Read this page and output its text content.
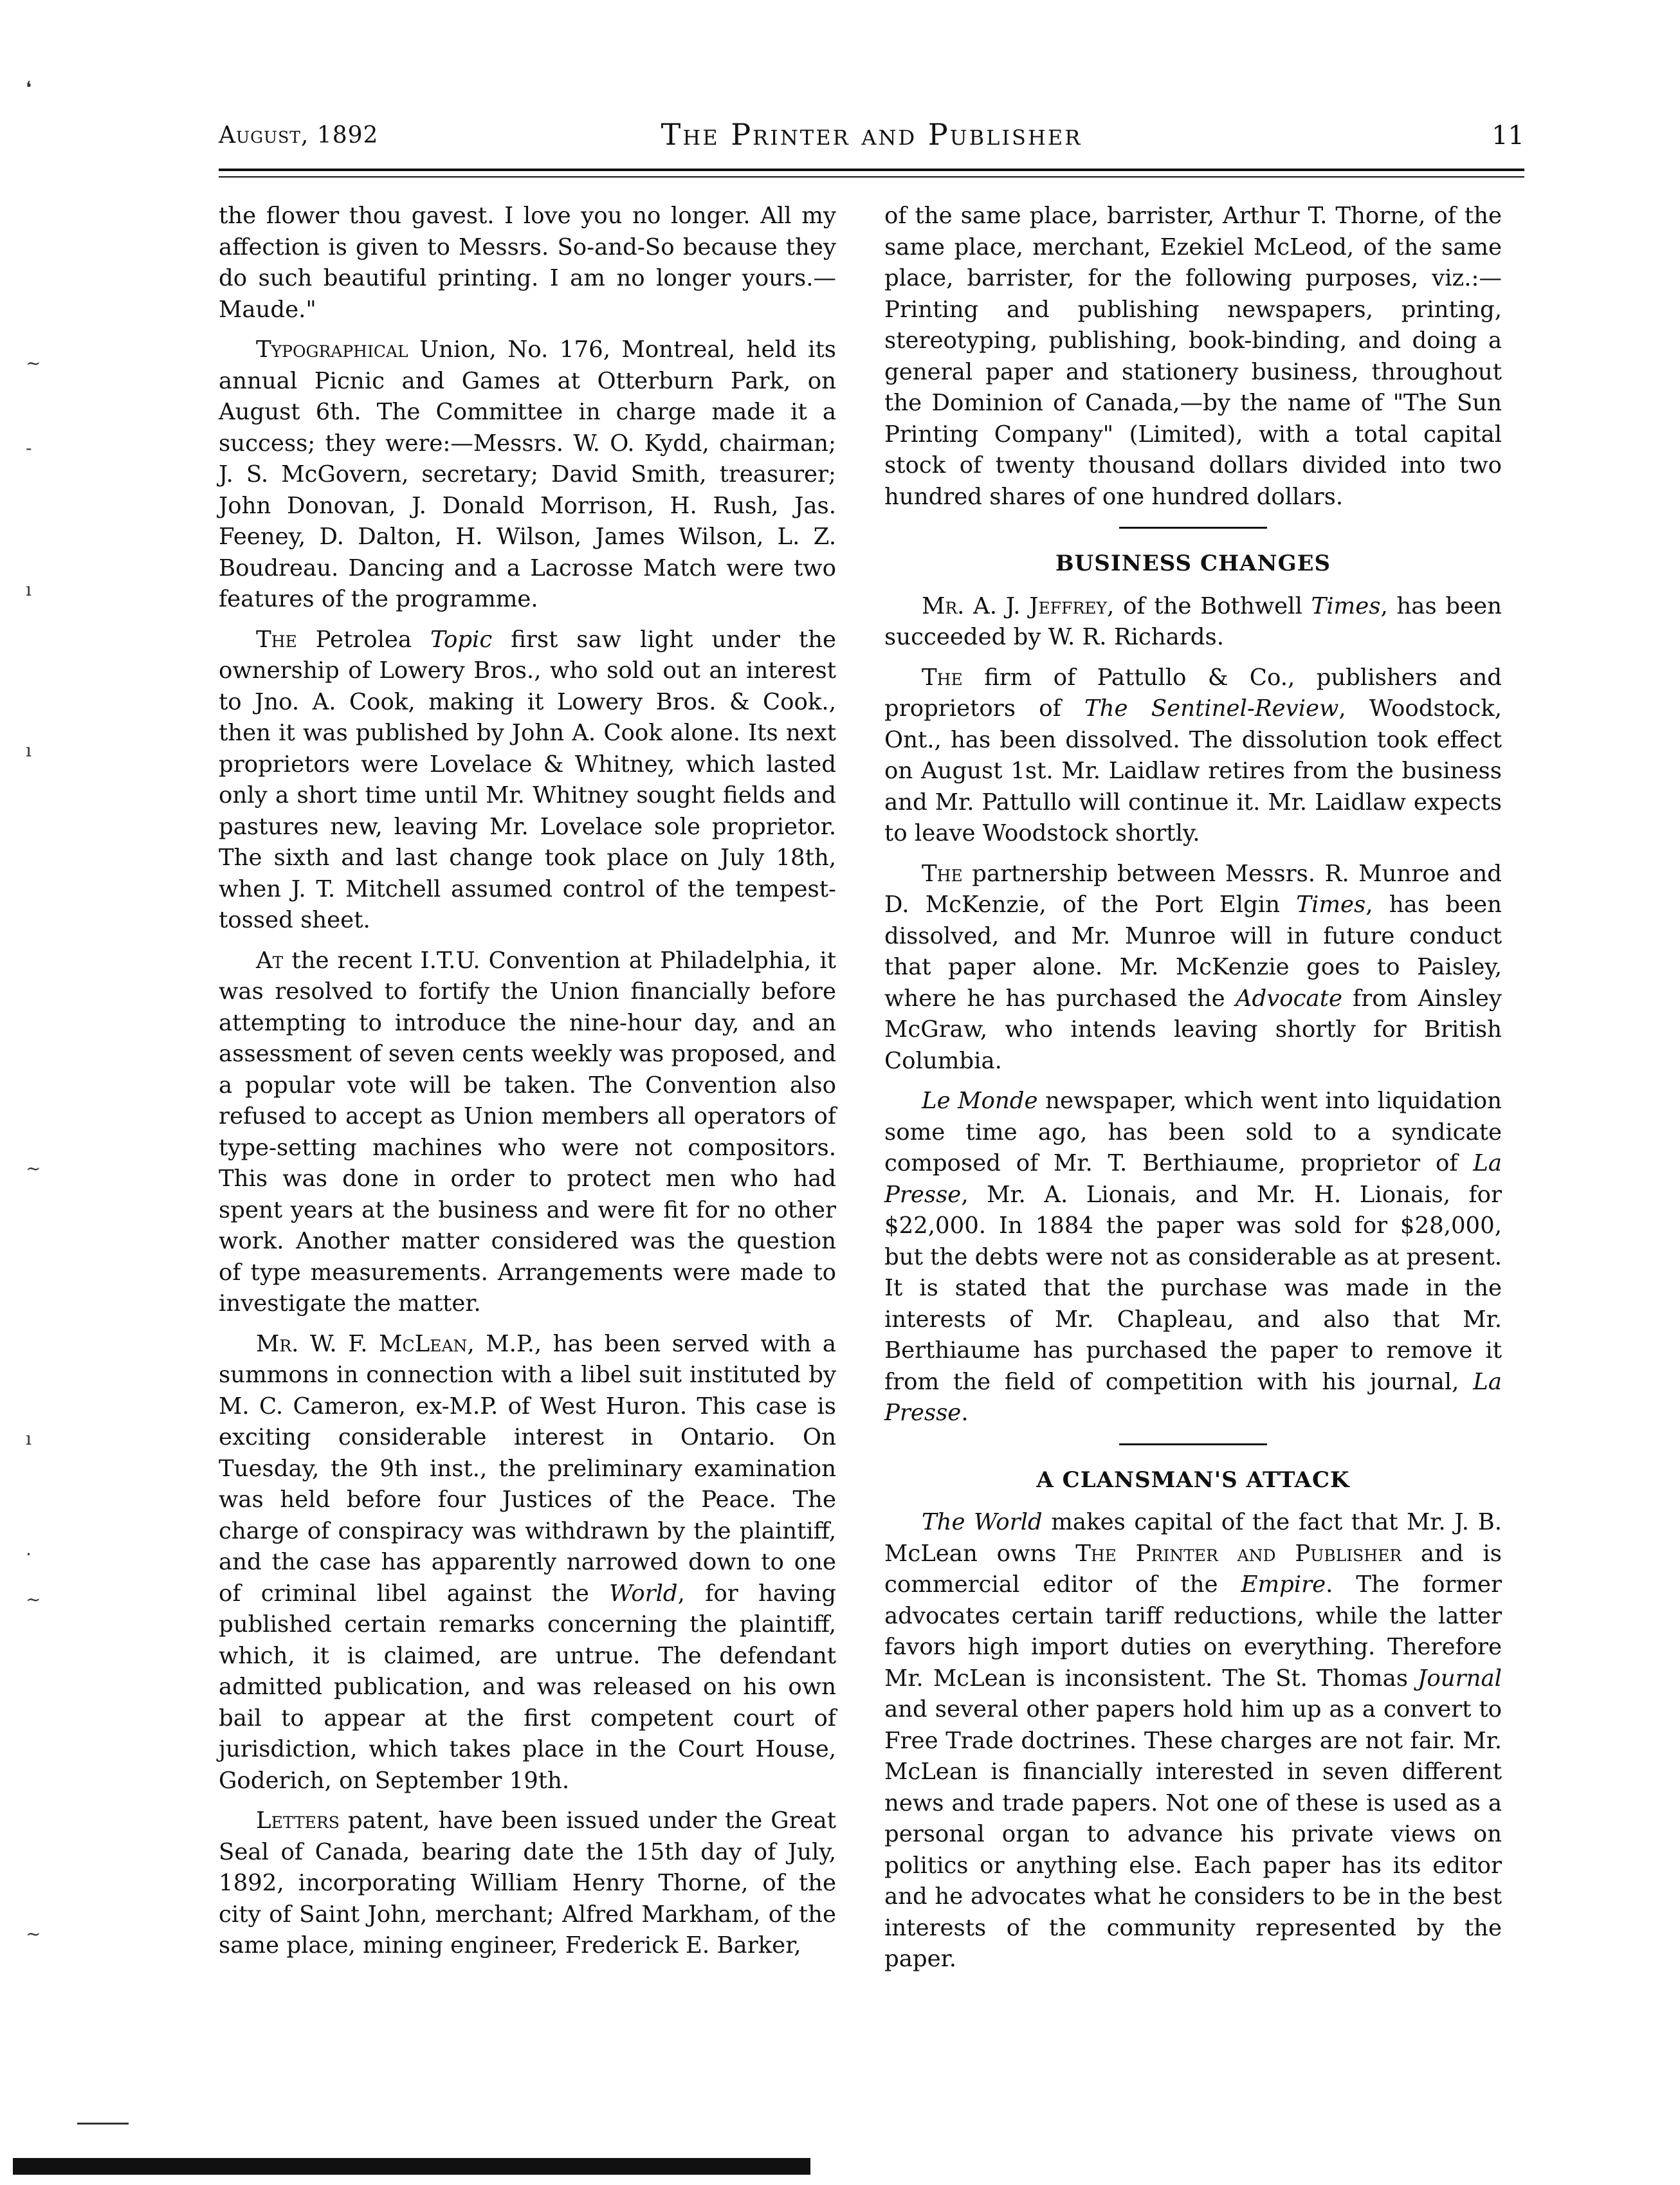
August, 1892	The Printer and Publisher	11

the flower thou gavest. I love you no longer. All my affection is given to Messrs. So-and-So because they do such beautiful printing. I am no longer yours.—Maude."

Typographical Union, No. 176, Montreal, held its annual Picnic and Games at Otterburn Park, on August 6th. The Committee in charge made it a success; they were:—Messrs. W. O. Kydd, chairman; J. S. McGovern, secretary; David Smith, treasurer; John Donovan, J. Donald Morrison, H. Rush, Jas. Feeney, D. Dalton, H. Wilson, James Wilson, L. Z. Boudreau. Dancing and a Lacrosse Match were two features of the programme.

The Petrolea Topic first saw light under the ownership of Lowery Bros., who sold out an interest to Jno. A. Cook, making it Lowery Bros. & Cook., then it was published by John A. Cook alone. Its next proprietors were Lovelace & Whitney, which lasted only a short time until Mr. Whitney sought fields and pastures new, leaving Mr. Lovelace sole proprietor. The sixth and last change took place on July 18th, when J. T. Mitchell assumed control of the tempest-tossed sheet.

At the recent I.T.U. Convention at Philadelphia, it was resolved to fortify the Union financially before attempting to introduce the nine-hour day, and an assessment of seven cents weekly was proposed, and a popular vote will be taken. The Convention also refused to accept as Union members all operators of type-setting machines who were not compositors. This was done in order to protect men who had spent years at the business and were fit for no other work. Another matter considered was the question of type measurements. Arrangements were made to investigate the matter.

Mr. W. F. McLean, M.P., has been served with a summons in connection with a libel suit instituted by M. C. Cameron, ex-M.P. of West Huron. This case is exciting considerable interest in Ontario. On Tuesday, the 9th inst., the preliminary examination was held before four Justices of the Peace. The charge of conspiracy was withdrawn by the plaintiff, and the case has apparently narrowed down to one of criminal libel against the World, for having published certain remarks concerning the plaintiff, which, it is claimed, are untrue. The defendant admitted publication, and was released on his own bail to appear at the first competent court of jurisdiction, which takes place in the Court House, Goderich, on September 19th.

Letters patent, have been issued under the Great Seal of Canada, bearing date the 15th day of July, 1892, incorporating William Henry Thorne, of the city of Saint John, merchant; Alfred Markham, of the same place, mining engineer, Frederick E. Barker,

of the same place, barrister, Arthur T. Thorne, of the same place, merchant, Ezekiel McLeod, of the same place, barrister, for the following purposes, viz.:—Printing and publishing newspapers, printing, stereotyping, publishing, book-binding, and doing a general paper and stationery business, throughout the Dominion of Canada,—by the name of "The Sun Printing Company" (Limited), with a total capital stock of twenty thousand dollars divided into two hundred shares of one hundred dollars.

BUSINESS CHANGES

Mr. A. J. Jeffrey, of the Bothwell Times, has been succeeded by W. R. Richards.

The firm of Pattullo & Co., publishers and proprietors of The Sentinel-Review, Woodstock, Ont., has been dissolved. The dissolution took effect on August 1st. Mr. Laidlaw retires from the business and Mr. Pattullo will continue it. Mr. Laidlaw expects to leave Woodstock shortly.

The partnership between Messrs. R. Munroe and D. McKenzie, of the Port Elgin Times, has been dissolved, and Mr. Munroe will in future conduct that paper alone. Mr. McKenzie goes to Paisley, where he has purchased the Advocate from Ainsley McGraw, who intends leaving shortly for British Columbia.

Le Monde newspaper, which went into liquidation some time ago, has been sold to a syndicate composed of Mr. T. Berthiaume, proprietor of La Presse, Mr. A. Lionais, and Mr. H. Lionais, for $22,000. In 1884 the paper was sold for $28,000, but the debts were not as considerable as at present. It is stated that the purchase was made in the interests of Mr. Chapleau, and also that Mr. Berthiaume has purchased the paper to remove it from the field of competition with his journal, La Presse.

A CLANSMAN'S ATTACK

The World makes capital of the fact that Mr. J. B. McLean owns The Printer and Publisher and is commercial editor of the Empire. The former advocates certain tariff reductions, while the latter favors high import duties on everything. Therefore Mr. McLean is inconsistent. The St. Thomas Journal and several other papers hold him up as a convert to Free Trade doctrines. These charges are not fair. Mr. McLean is financially interested in seven different news and trade papers. Not one of these is used as a personal organ to advance his private views on politics or anything else. Each paper has its editor and he advocates what he considers to be in the best interests of the community represented by the paper.

❛
~
-
ı
ı
~
ı
·
~
~
